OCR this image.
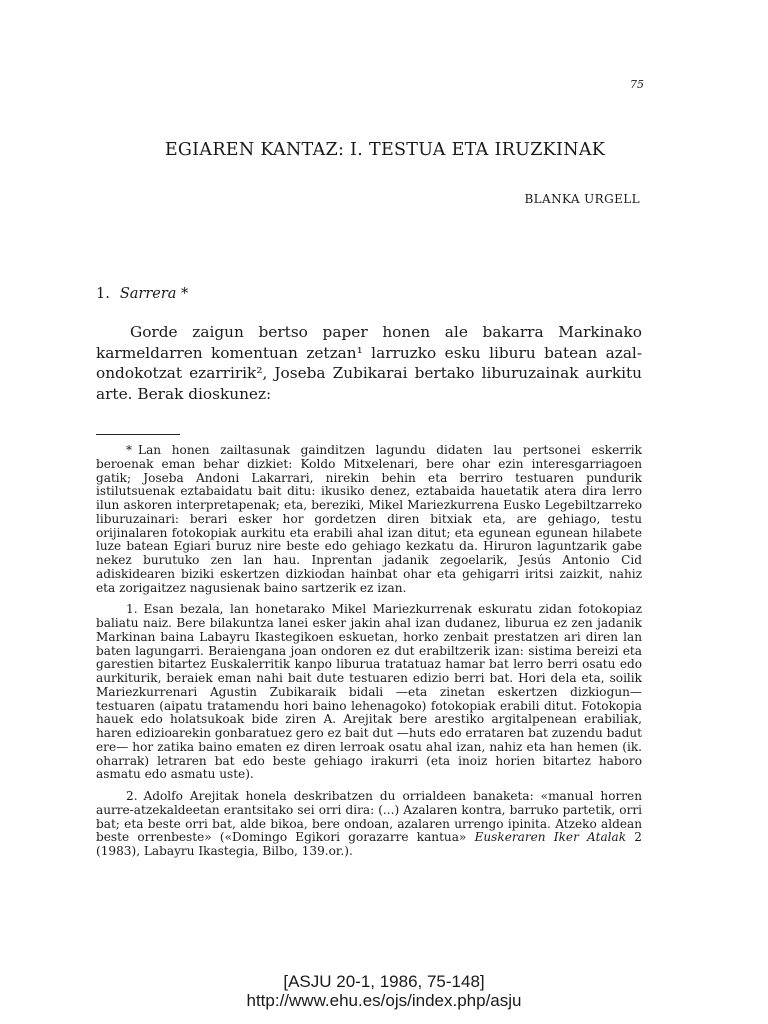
75
EGIAREN KANTAZ: I. TESTUA ETA IRUZKINAK
BLANKA URGELL
1. Sarrera *

Gorde zaigun bertso paper honen ale bakarra Markinako karmeldarren komentuan zetzan¹ larruzko esku liburu batean azal-ondokotzat ezarririk², Joseba Zubikarai bertako liburuzainak aurkitu arte. Berak dioskunez:

* Lan honen zailtasunak gainditzen lagundu didaten lau pertsonei eskerrik beroenak eman behar dizkiet: Koldo Mitxelenari, bere ohar ezin interesgarriagoen gatik; Joseba Andoni Lakarrari, nirekin behin eta berriro testuaren pundurik istilutsuenak eztabaidatu bait ditu: ikusiko denez, eztabaida hauetatik atera dira lerro ilun askoren interpretapenak; eta, bereziki, Mikel Mariezkurrena Eusko Legebiltzarreko liburuzainari: berari esker hor gordetzen diren bitxiak eta, are gehiago, testu orijinalaren fotokopiak aurkitu eta erabili ahal izan ditut; eta egunean egunean hilabete luze batean Egiari buruz nire beste edo gehiago kezkatu da. Hiruron laguntzarik gabe nekez burutuko zen lan hau. Inprentan jadanik zegoelarik, Jesús Antonio Cid adiskidearen biziki eskertzen dizkiodan hainbat ohar eta gehigarri iritsi zaizkit, nahiz eta zorigaitzez nagusienak baino sartzerik ez izan.

1. Esan bezala, lan honetarako Mikel Mariezkurrenak eskuratu zidan fotokopiaz baliatu naiz. Bere bilakuntza lanei esker jakin ahal izan dudanez, liburua ez zen jadanik Markinan baina Labayru Ikastegikoen eskuetan, horko zenbait prestatzen ari diren lan baten lagungarri. Beraiengana joan ondoren ez dut erabiltzerik izan: sistima bereizi eta garestien bitartez Euskalerritik kanpo liburua tratatuaz hamar bat lerro berri osatu edo aurkiturik, beraiek eman nahi bait dute testuaren edizio berri bat. Hori dela eta, soilik Mariezkurrenari Agustin Zubikaraik bidali —eta zinetan eskertzen dizkiogun— testuaren (aipatu tratamendu hori baino lehenagoko) fotokopiak erabili ditut. Fotokopia hauek edo holatsukoak bide ziren A. Arejitak bere arestiko argitalpenean erabiliak, haren edizioarekin gonbaratuez gero ez bait dut —huts edo errataren bat zuzendu badut ere— hor zatika baino ematen ez diren lerroak osatu ahal izan, nahiz eta han hemen (ik. oharrak) letraren bat edo beste gehiago irakurri (eta inoiz horien bitartez haboro asmatu edo asmatu uste).

2. Adolfo Arejitak honela deskribatzen du orrialdeen banaketa: «manual horren aurre-atzekaldeetan erantsitako sei orri dira: (...) Azalaren kontra, barruko partetik, orri bat; eta beste orri bat, alde bikoa, bere ondoan, azalaren urrengo ipinita. Atzeko aldean beste orrenbeste» («Domingo Egikori gorazarre kantua» Euskeraren Iker Atalak 2 (1983), Labayru Ikastegia, Bilbo, 139.or.).

[ASJU 20-1, 1986, 75-148]
http://www.ehu.es/ojs/index.php/asju
